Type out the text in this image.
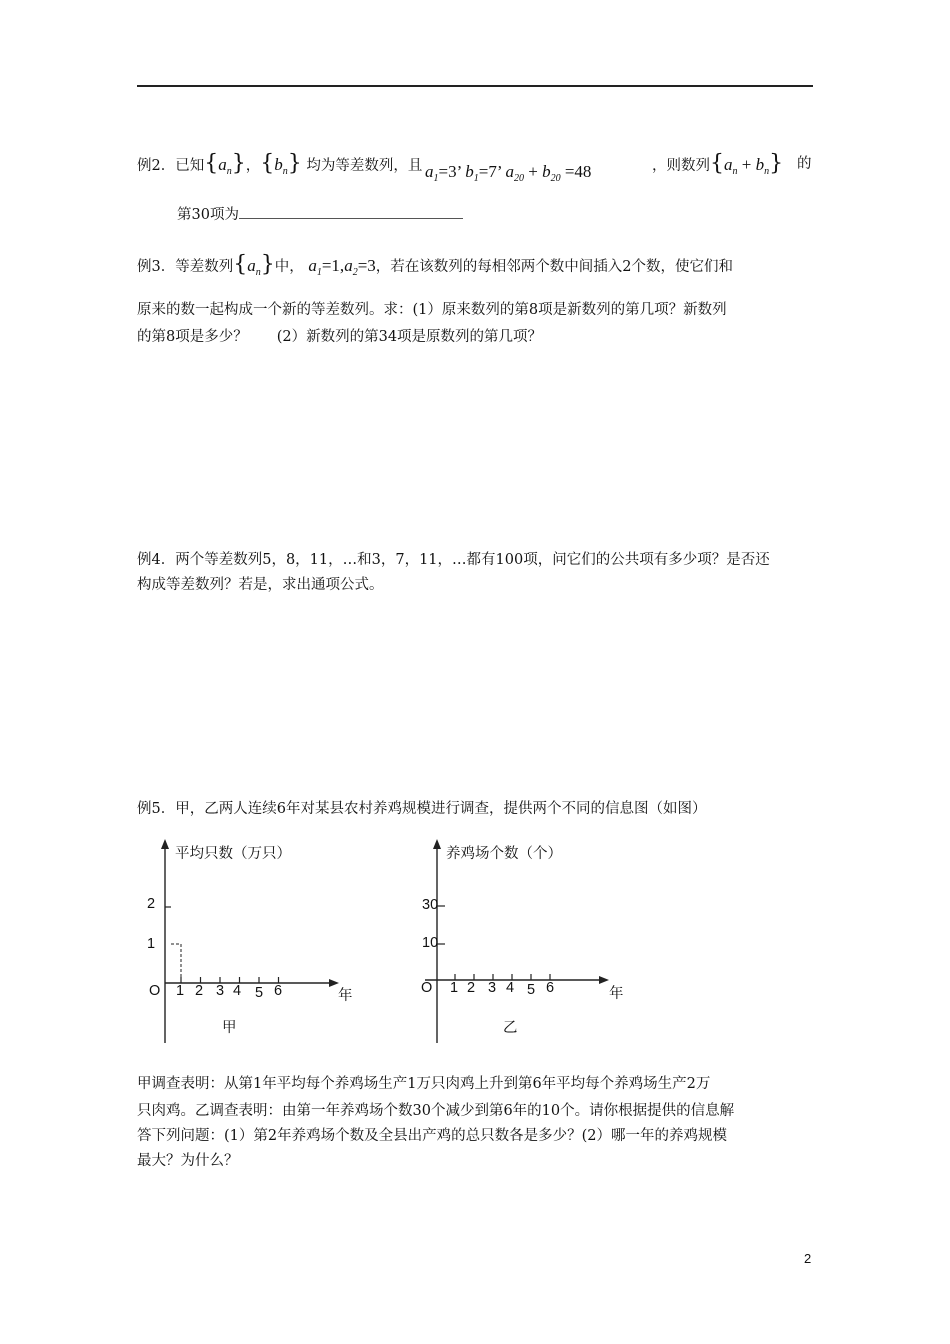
例2．已知$\{a_n\}$，$\{b_n\}$ 均为等差数列，且 $a_1=3$’ $b_1=7$’ $a_{20} + b_{20} =48$	，则数列$\{a_n + b_n\}$ 的
第30项为
例3．等差数列$\{a_n\}$中， $a_1=1,a_2=3$，若在该数列的每相邻两个数中间插入2个数，使它们和
原来的数一起构成一个新的等差数列。求：(1）原来数列的第8项是新数列的第几项？新数列
的第8项是多少？　　(2）新数列的第34项是原数列的第几项？
例4．两个等差数列5，8，11，…和3，7，11，…都有100项，问它们的公共项有多少项？是否还
构成等差数列？若是，求出通项公式。
例5．甲，乙两人连续6年对某县农村养鸡规模进行调查，提供两个不同的信息图（如图）
平均只数（万只）
2
1
O 1 2 3 4 5 6	年
甲
养鸡场个数（个）
30
10
O 1 2 3 4 5 6	年
乙
甲调查表明：从第1年平均每个养鸡场生产1万只肉鸡上升到第6年平均每个养鸡场生产2万
只肉鸡。乙调查表明：由第一年养鸡场个数30个减少到第6年的10个。请你根据提供的信息解
答下列问题：(1）第2年养鸡场个数及全县出产鸡的总只数各是多少？(2）哪一年的养鸡规模
最大？为什么？
2
